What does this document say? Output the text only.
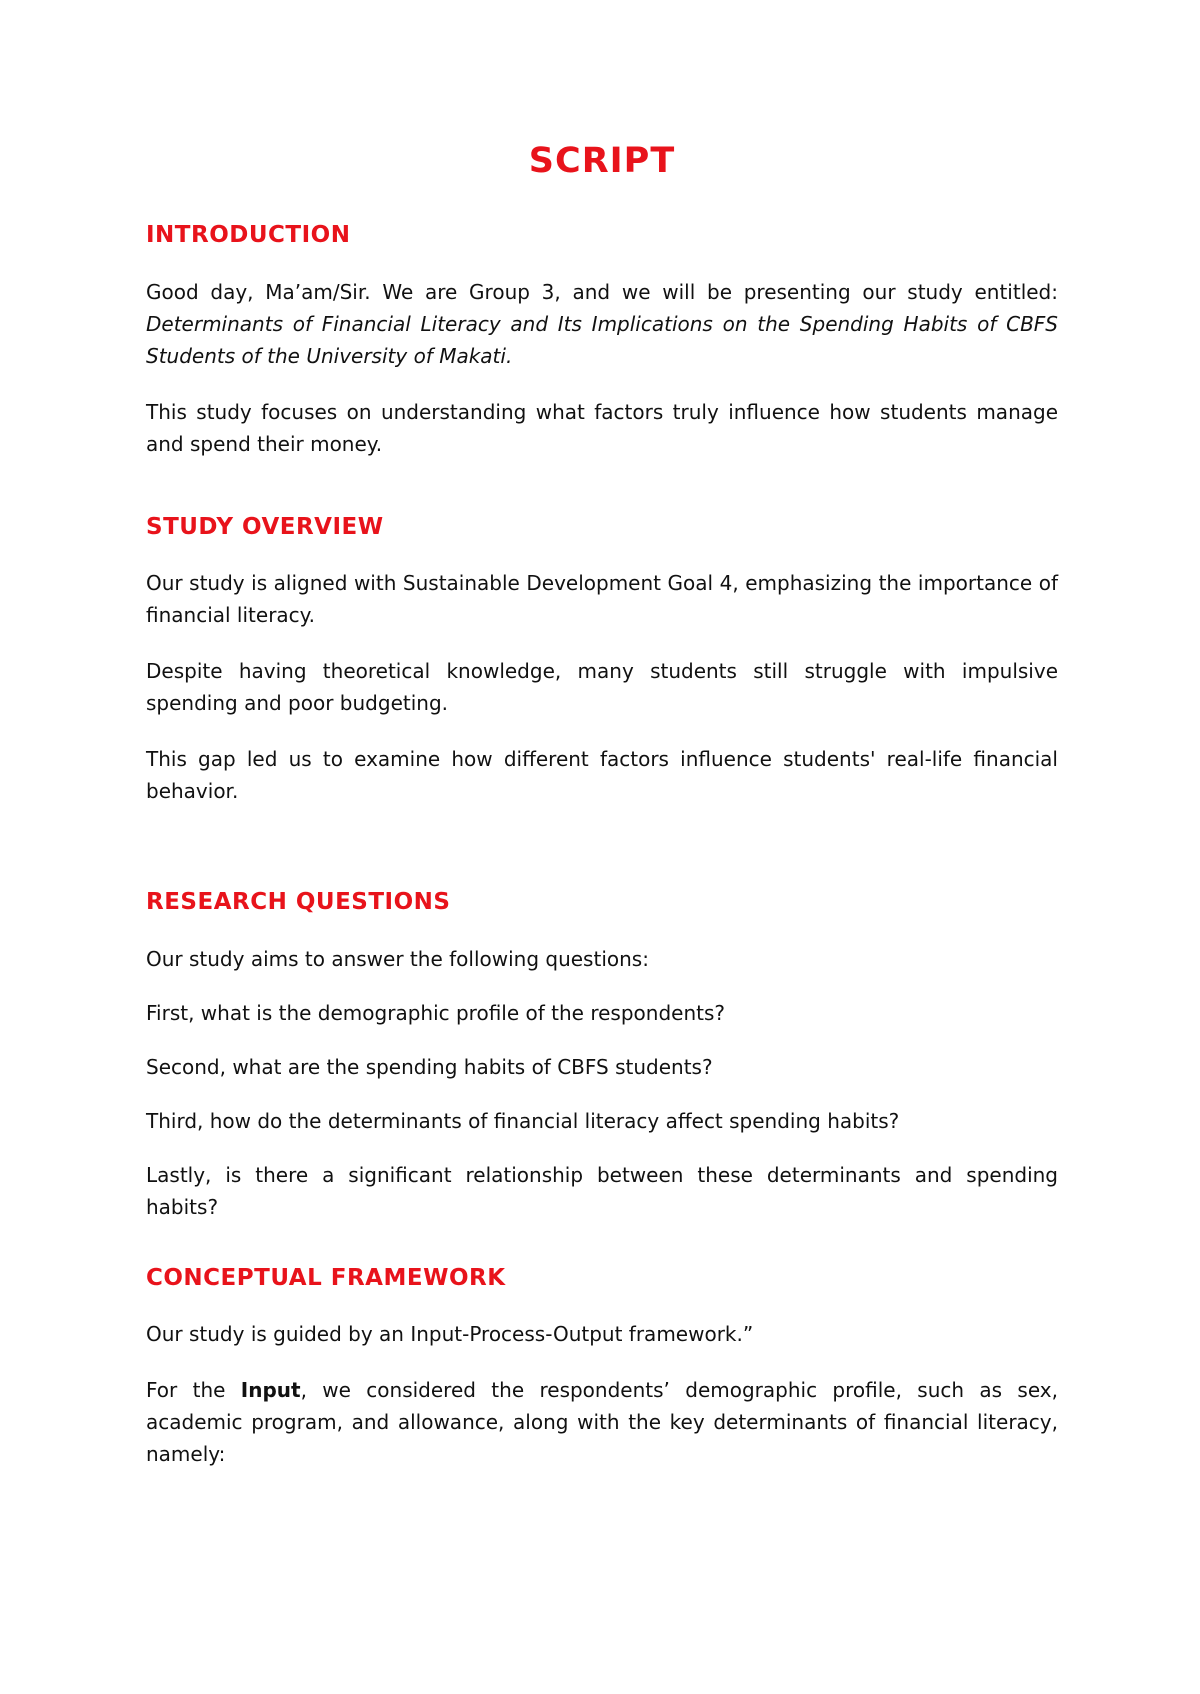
SCRIPT
INTRODUCTION

Good day, Ma’am/Sir. We are Group 3, and we will be presenting our study entitled: Determinants of Financial Literacy and Its Implications on the Spending Habits of CBFS Students of the University of Makati.

This study focuses on understanding what factors truly influence how students manage and spend their money.

STUDY OVERVIEW

Our study is aligned with Sustainable Development Goal 4, emphasizing the importance of financial literacy.

Despite having theoretical knowledge, many students still struggle with impulsive spending and poor budgeting.

This gap led us to examine how different factors influence students' real-life financial behavior.

RESEARCH QUESTIONS

Our study aims to answer the following questions:

First, what is the demographic profile of the respondents?

Second, what are the spending habits of CBFS students?

Third, how do the determinants of financial literacy affect spending habits?

Lastly, is there a significant relationship between these determinants and spending habits?

CONCEPTUAL FRAMEWORK

Our study is guided by an Input-Process-Output framework.”

For the Input, we considered the respondents’ demographic profile, such as sex, academic program, and allowance, along with the key determinants of financial literacy, namely:
